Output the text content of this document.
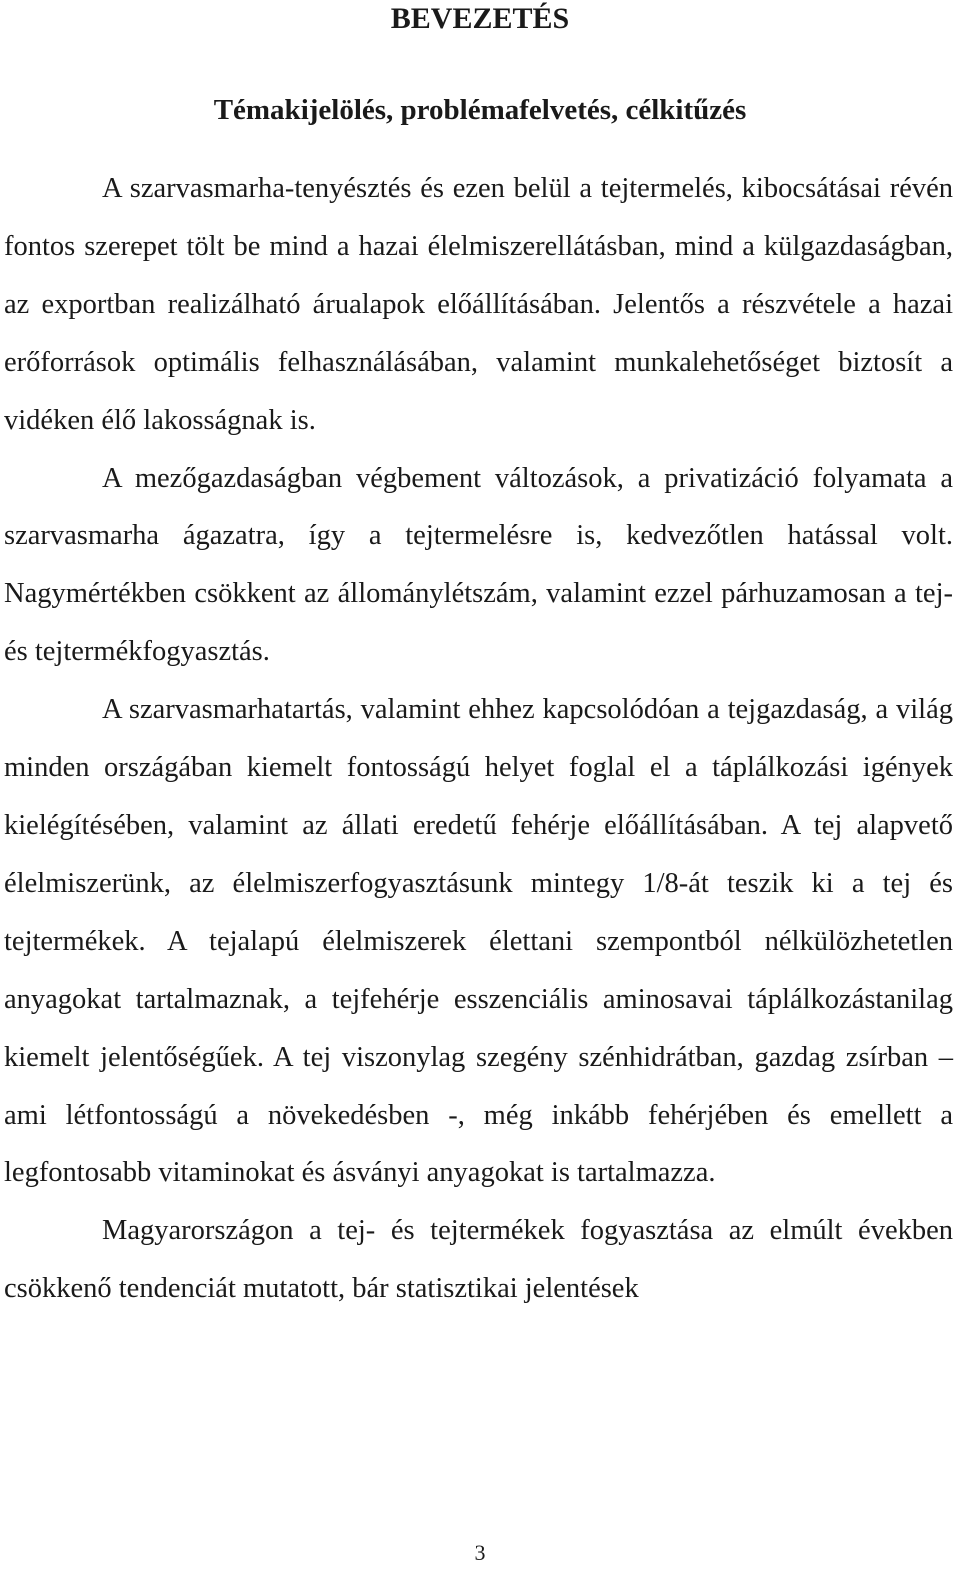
BEVEZETÉS
Témakijelölés, problémafelvetés, célkitűzés

A szarvasmarha-tenyésztés és ezen belül a tejtermelés, kibocsátásai révén fontos szerepet tölt be mind a hazai élelmiszerellátásban, mind a külgazdaságban, az exportban realizálható árualapok előállításában. Jelentős a részvétele a hazai erőforrások optimális felhasználásában, valamint munkalehetőséget biztosít a vidéken élő lakosságnak is.

A mezőgazdaságban végbement változások, a privatizáció folyamata a szarvasmarha ágazatra, így a tejtermelésre is, kedvezőtlen hatással volt. Nagymértékben csökkent az állománylétszám, valamint ezzel párhuzamosan a tej- és tejtermékfogyasztás.

A szarvasmarhatartás, valamint ehhez kapcsolódóan a tejgazdaság, a világ minden országában kiemelt fontosságú helyet foglal el a táplálkozási igények kielégítésében, valamint az állati eredetű fehérje előállításában. A tej alapvető élelmiszerünk, az élelmiszerfogyasztásunk mintegy 1/8-át teszik ki a tej és tejtermékek. A tejalapú élelmiszerek élettani szempontból nélkülözhetetlen anyagokat tartalmaznak, a tejfehérje esszenciális aminosavai táplálkozástanilag kiemelt jelentőségűek. A tej viszonylag szegény szénhidrátban, gazdag zsírban – ami létfontosságú a növekedésben -, még inkább fehérjében és emellett a legfontosabb vitaminokat és ásványi anyagokat is tartalmazza.

Magyarországon a tej- és tejtermékek fogyasztása az elmúlt években csökkenő tendenciát mutatott, bár statisztikai jelentések

3
